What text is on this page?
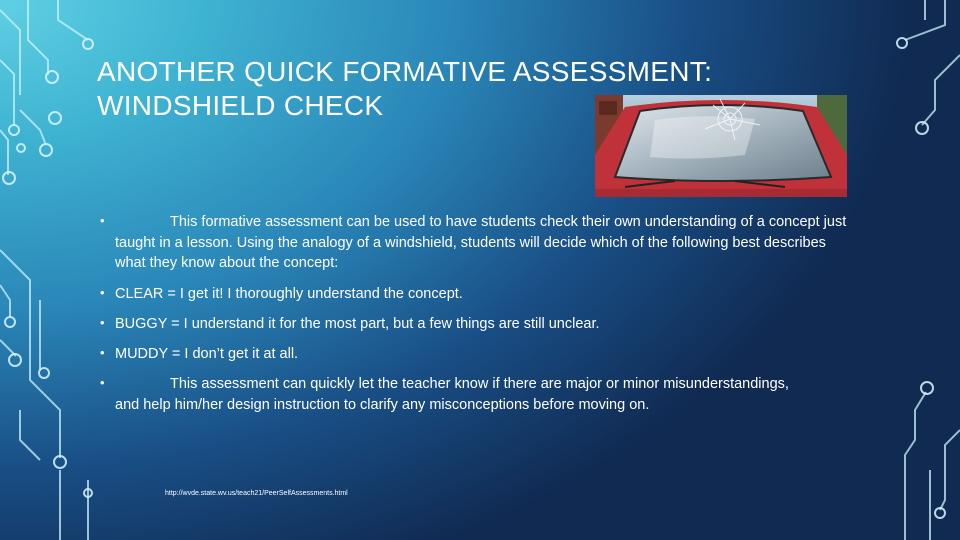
ANOTHER QUICK FORMATIVE ASSESSMENT:
WINDSHIELD CHECK
•	This formative assessment can be used to have students check their own understanding of a concept just taught in a lesson. Using the analogy of a windshield, students will decide which of the following best describes what they know about the concept:
• CLEAR = I get it! I thoroughly understand the concept.
• BUGGY = I understand it for the most part, but a few things are still unclear.
• MUDDY = I don’t get it at all.
•	This assessment can quickly let the teacher know if there are major or minor misunderstandings, and help him/her design instruction to clarify any misconceptions before moving on.
http://wvde.state.wv.us/teach21/PeerSelfAssessments.html
